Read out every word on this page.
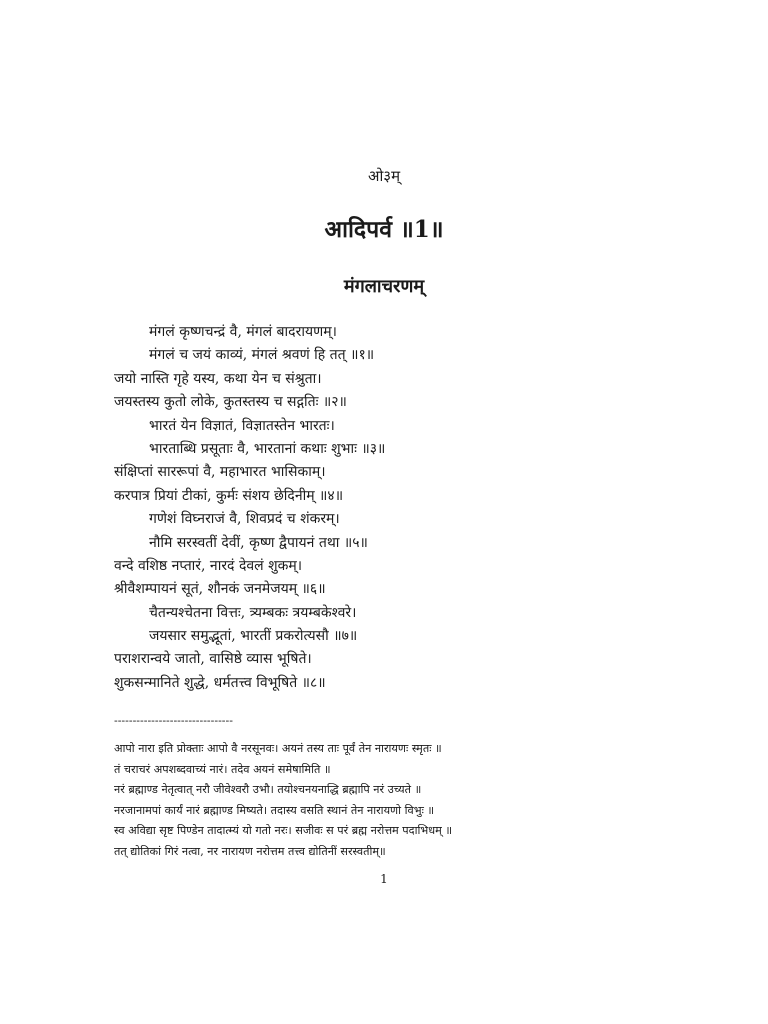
ओ३म्
आदिपर्व ॥1॥
मंगलाचरणम्
मंगलं कृष्णचन्द्रं वै, मंगलं बादरायणम्।
मंगलं च जयं काव्यं, मंगलं श्रवणं हि तत् ॥१॥
जयो नास्ति गृहे यस्य, कथा येन च संश्रुता।
जयस्तस्य कुतो लोके, कुतस्तस्य च सद्गतिः ॥२॥
भारतं येन विज्ञातं, विज्ञातस्तेन भारतः।
भारताब्धि प्रसूताः वै, भारतानां कथाः शुभाः ॥३॥
संक्षिप्तां साररूपां वै, महाभारत भासिकाम्।
करपात्र प्रियां टीकां, कुर्मः संशय छेदिनीम् ॥४॥
गणेशं विघ्नराजं वै, शिवप्रदं च शंकरम्।
नौमि सरस्वतीं देवीं, कृष्ण द्वैपायनं तथा ॥५॥
वन्दे वशिष्ठ नप्तारं, नारदं देवलं शुकम्।
श्रीवैशम्पायनं सूतं, शौनकं जनमेजयम् ॥६॥
चैतन्यश्चेतना वित्तः, त्र्यम्बकः त्रयम्बकेश्वरे।
जयसार समुद्भूतां, भारतीं प्रकरोत्यसौ ॥७॥
पराशरान्वये जातो, वासिष्ठे व्यास भूषिते।
शुकसन्मानिते शुद्धे, धर्मतत्त्व विभूषिते ॥८॥
--------------------------------
आपो नारा इति प्रोक्ताः आपो वै नरसूनवः। अयनं तस्य ताः पूर्वं तेन नारायणः स्मृतः ॥
तं चराचरं अपशब्दवाच्यं नारं। तदेव अयनं समेषामिति ॥
नरं ब्रह्माण्ड नेतृत्वात् नरौ जीवेश्वरौ उभौ। तयोश्चनयनाद्धि ब्रह्मापि नरं उच्यते ॥
नरजानामपां कार्यं नारं ब्रह्माण्ड मिष्यते। तदास्य वसति स्थानं तेन नारायणो विभुः ॥
स्व अविद्या सृष्ट पिण्डेन तादात्म्यं यो गतो नरः। सजीवः स परं ब्रह्म नरोत्तम पदाभिधम् ॥
तत् द्योतिकां गिरं नत्वा, नर नारायण नरोत्तम तत्त्व द्योतिनीं सरस्वतीम्॥
1
